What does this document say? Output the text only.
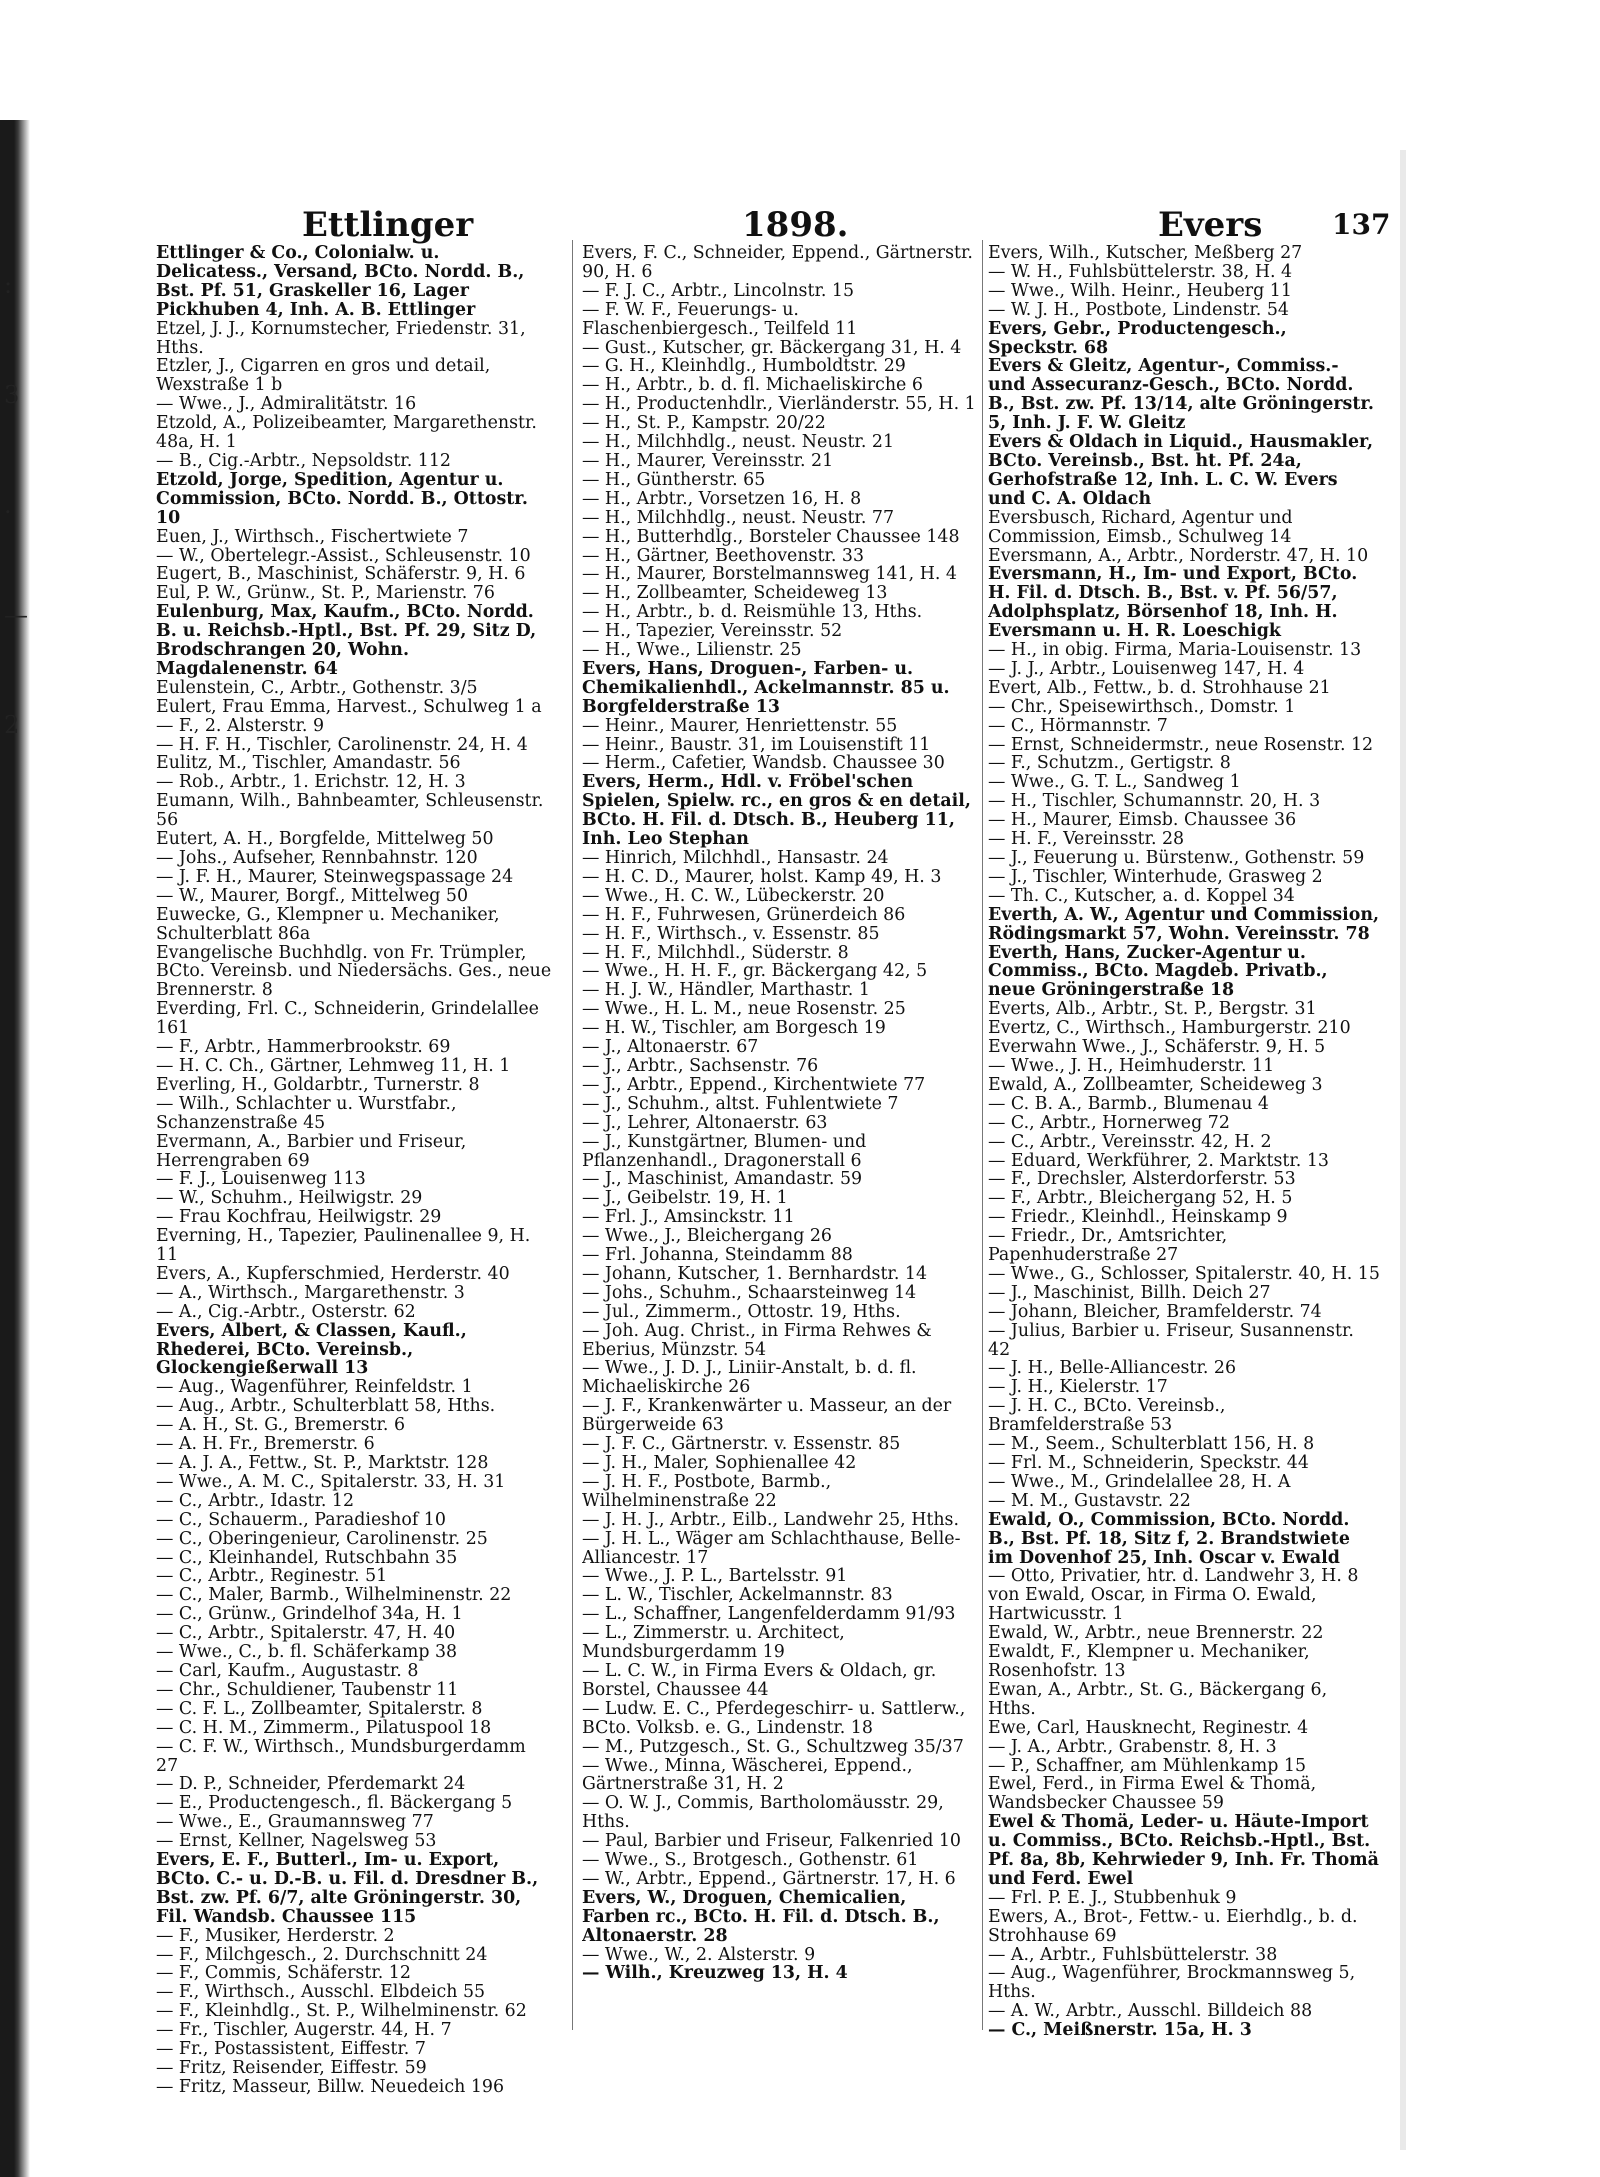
:
3
.
—
2
Ettlinger	1898.	Evers 137
Ettlinger & Co., Colonialw. u. Delicatess., Versand, BCto. Nordd. B., Bst. Pf. 51, Graskeller 16, Lager Pickhuben 4, Inh. A. B. Ettlinger
Etzel, J. J., Kornumstecher, Friedenstr. 31, Hths.
Etzler, J., Cigarren en gros und detail, Wexstraße 1 b
— Wwe., J., Admiralitätstr. 16
Etzold, A., Polizeibeamter, Margarethenstr. 48a, H. 1
— B., Cig.-Arbtr., Nepsoldstr. 112
Etzold, Jorge, Spedition, Agentur u. Commission, BCto. Nordd. B., Ottostr. 10
Euen, J., Wirthsch., Fischertwiete 7
— W., Obertelegr.-Assist., Schleusenstr. 10
Eugert, B., Maschinist, Schäferstr. 9, H. 6
Eul, P. W., Grünw., St. P., Marienstr. 76
Eulenburg, Max, Kaufm., BCto. Nordd. B. u. Reichsb.-Hptl., Bst. Pf. 29, Sitz D, Brodschrangen 20, Wohn. Magdalenenstr. 64
Eulenstein, C., Arbtr., Gothenstr. 3/5
Eulert, Frau Emma, Harvest., Schulweg 1 a
— F., 2. Alsterstr. 9
— H. F. H., Tischler, Carolinenstr. 24, H. 4
Eulitz, M., Tischler, Amandastr. 56
— Rob., Arbtr., 1. Erichstr. 12, H. 3
Eumann, Wilh., Bahnbeamter, Schleusenstr. 56
Eutert, A. H., Borgfelde, Mittelweg 50
— Johs., Aufseher, Rennbahnstr. 120
— J. F. H., Maurer, Steinwegspassage 24
— W., Maurer, Borgf., Mittelweg 50
Euwecke, G., Klempner u. Mechaniker, Schulterblatt 86a
Evangelische Buchhdlg. von Fr. Trümpler, BCto. Vereinsb. und Niedersächs. Ges., neue Brennerstr. 8
Everding, Frl. C., Schneiderin, Grindelallee 161
— F., Arbtr., Hammerbrookstr. 69
— H. C. Ch., Gärtner, Lehmweg 11, H. 1
Everling, H., Goldarbtr., Turnerstr. 8
— Wilh., Schlachter u. Wurstfabr., Schanzenstraße 45
Evermann, A., Barbier und Friseur, Herrengraben 69
— F. J., Louisenweg 113
— W., Schuhm., Heilwigstr. 29
— Frau Kochfrau, Heilwigstr. 29
Everning, H., Tapezier, Paulinenallee 9, H. 11
Evers, A., Kupferschmied, Herderstr. 40
— A., Wirthsch., Margarethenstr. 3
— A., Cig.-Arbtr., Osterstr. 62
Evers, Albert, & Classen, Kaufl., Rhederei, BCto. Vereinsb., Glockengießerwall 13
— Aug., Wagenführer, Reinfeldstr. 1
— Aug., Arbtr., Schulterblatt 58, Hths.
— A. H., St. G., Bremerstr. 6
— A. H. Fr., Bremerstr. 6
— A. J. A., Fettw., St. P., Marktstr. 128
— Wwe., A. M. C., Spitalerstr. 33, H. 31
— C., Arbtr., Idastr. 12
— C., Schauerm., Paradieshof 10
— C., Oberingenieur, Carolinenstr. 25
— C., Kleinhandel, Rutschbahn 35
— C., Arbtr., Reginestr. 51
— C., Maler, Barmb., Wilhelminenstr. 22
— C., Grünw., Grindelhof 34a, H. 1
— C., Arbtr., Spitalerstr. 47, H. 40
— Wwe., C., b. fl. Schäferkamp 38
— Carl, Kaufm., Augustastr. 8
— Chr., Schuldiener, Taubenstr 11
— C. F. L., Zollbeamter, Spitalerstr. 8
— C. H. M., Zimmerm., Pilatuspool 18
— C. F. W., Wirthsch., Mundsburgerdamm 27
— D. P., Schneider, Pferdemarkt 24
— E., Productengesch., fl. Bäckergang 5
— Wwe., E., Graumannsweg 77
— Ernst, Kellner, Nagelsweg 53
Evers, E. F., Butterl., Im- u. Export, BCto. C.- u. D.-B. u. Fil. d. Dresdner B., Bst. zw. Pf. 6/7, alte Gröningerstr. 30, Fil. Wandsb. Chaussee 115
— F., Musiker, Herderstr. 2
— F., Milchgesch., 2. Durchschnitt 24
— F., Commis, Schäferstr. 12
— F., Wirthsch., Ausschl. Elbdeich 55
— F., Kleinhdlg., St. P., Wilhelminenstr. 62
— Fr., Tischler, Augerstr. 44, H. 7
— Fr., Postassistent, Eiffestr. 7
— Fritz, Reisender, Eiffestr. 59
— Fritz, Masseur, Billw. Neuedeich 196
Evers, F. C., Schneider, Eppend., Gärtnerstr. 90, H. 6
— F. J. C., Arbtr., Lincolnstr. 15
— F. W. F., Feuerungs- u. Flaschenbiergesch., Teilfeld 11
— Gust., Kutscher, gr. Bäckergang 31, H. 4
— G. H., Kleinhdlg., Humboldtstr. 29
— H., Arbtr., b. d. fl. Michaeliskirche 6
— H., Productenhdlr., Vierländerstr. 55, H. 1
— H., St. P., Kampstr. 20/22
— H., Milchhdlg., neust. Neustr. 21
— H., Maurer, Vereinsstr. 21
— H., Güntherstr. 65
— H., Arbtr., Vorsetzen 16, H. 8
— H., Milchhdlg., neust. Neustr. 77
— H., Butterhdlg., Borsteler Chaussee 148
— H., Gärtner, Beethovenstr. 33
— H., Maurer, Borstelmannsweg 141, H. 4
— H., Zollbeamter, Scheideweg 13
— H., Arbtr., b. d. Reismühle 13, Hths.
— H., Tapezier, Vereinsstr. 52
— H., Wwe., Lilienstr. 25
Evers, Hans, Droguen-, Farben- u. Chemikalienhdl., Ackelmannstr. 85 u. Borgfelderstraße 13
— Heinr., Maurer, Henriettenstr. 55
— Heinr., Baustr. 31, im Louisenstift 11
— Herm., Cafetier, Wandsb. Chaussee 30
Evers, Herm., Hdl. v. Fröbel'schen Spielen, Spielw. rc., en gros & en detail, BCto. H. Fil. d. Dtsch. B., Heuberg 11, Inh. Leo Stephan
— Hinrich, Milchhdl., Hansastr. 24
— H. C. D., Maurer, holst. Kamp 49, H. 3
— Wwe., H. C. W., Lübeckerstr. 20
— H. F., Fuhrwesen, Grünerdeich 86
— H. F., Wirthsch., v. Essenstr. 85
— H. F., Milchhdl., Süderstr. 8
— Wwe., H. H. F., gr. Bäckergang 42, 5
— H. J. W., Händler, Marthastr. 1
— Wwe., H. L. M., neue Rosenstr. 25
— H. W., Tischler, am Borgesch 19
— J., Altonaerstr. 67
— J., Arbtr., Sachsenstr. 76
— J., Arbtr., Eppend., Kirchentwiete 77
— J., Schuhm., altst. Fuhlentwiete 7
— J., Lehrer, Altonaerstr. 63
— J., Kunstgärtner, Blumen- und Pflanzenhandl., Dragonerstall 6
— J., Maschinist, Amandastr. 59
— J., Geibelstr. 19, H. 1
— Frl. J., Amsinckstr. 11
— Wwe., J., Bleichergang 26
— Frl. Johanna, Steindamm 88
— Johann, Kutscher, 1. Bernhardstr. 14
— Johs., Schuhm., Schaarsteinweg 14
— Jul., Zimmerm., Ottostr. 19, Hths.
— Joh. Aug. Christ., in Firma Rehwes & Eberius, Münzstr. 54
— Wwe., J. D. J., Liniir-Anstalt, b. d. fl. Michaeliskirche 26
— J. F., Krankenwärter u. Masseur, an der Bürgerweide 63
— J. F. C., Gärtnerstr. v. Essenstr. 85
— J. H., Maler, Sophienallee 42
— J. H. F., Postbote, Barmb., Wilhelminenstraße 22
— J. H. J., Arbtr., Eilb., Landwehr 25, Hths.
— J. H. L., Wäger am Schlachthause, Belle-Alliancestr. 17
— Wwe., J. P. L., Bartelsstr. 91
— L. W., Tischler, Ackelmannstr. 83
— L., Schaffner, Langenfelderdamm 91/93
— L., Zimmerstr. u. Architect, Mundsburgerdamm 19
— L. C. W., in Firma Evers & Oldach, gr. Borstel, Chaussee 44
— Ludw. E. C., Pferdegeschirr- u. Sattlerw., BCto. Volksb. e. G., Lindenstr. 18
— M., Putzgesch., St. G., Schultzweg 35/37
— Wwe., Minna, Wäscherei, Eppend., Gärtnerstraße 31, H. 2
— O. W. J., Commis, Bartholomäusstr. 29, Hths.
— Paul, Barbier und Friseur, Falkenried 10
— Wwe., S., Brotgesch., Gothenstr. 61
— W., Arbtr., Eppend., Gärtnerstr. 17, H. 6
Evers, W., Droguen, Chemicalien, Farben rc., BCto. H. Fil. d. Dtsch. B., Altonaerstr. 28
— Wwe., W., 2. Alsterstr. 9
— Wilh., Kreuzweg 13, H. 4
Evers, Wilh., Kutscher, Meßberg 27
— W. H., Fuhlsbüttelerstr. 38, H. 4
— Wwe., Wilh. Heinr., Heuberg 11
— W. J. H., Postbote, Lindenstr. 54
Evers, Gebr., Productengesch., Speckstr. 68
Evers & Gleitz, Agentur-, Commiss.- und Assecuranz-Gesch., BCto. Nordd. B., Bst. zw. Pf. 13/14, alte Gröningerstr. 5, Inh. J. F. W. Gleitz
Evers & Oldach in Liquid., Hausmakler, BCto. Vereinsb., Bst. ht. Pf. 24a, Gerhofstraße 12, Inh. L. C. W. Evers und C. A. Oldach
Eversbusch, Richard, Agentur und Commission, Eimsb., Schulweg 14
Eversmann, A., Arbtr., Norderstr. 47, H. 10
Eversmann, H., Im- und Export, BCto. H. Fil. d. Dtsch. B., Bst. v. Pf. 56/57, Adolphsplatz, Börsenhof 18, Inh. H. Eversmann u. H. R. Loeschigk
— H., in obig. Firma, Maria-Louisenstr. 13
— J. J., Arbtr., Louisenweg 147, H. 4
Evert, Alb., Fettw., b. d. Strohhause 21
— Chr., Speisewirthsch., Domstr. 1
— C., Hörmannstr. 7
— Ernst, Schneidermstr., neue Rosenstr. 12
— F., Schutzm., Gertigstr. 8
— Wwe., G. T. L., Sandweg 1
— H., Tischler, Schumannstr. 20, H. 3
— H., Maurer, Eimsb. Chaussee 36
— H. F., Vereinsstr. 28
— J., Feuerung u. Bürstenw., Gothenstr. 59
— J., Tischler, Winterhude, Grasweg 2
— Th. C., Kutscher, a. d. Koppel 34
Everth, A. W., Agentur und Commission, Rödingsmarkt 57, Wohn. Vereinsstr. 78
Everth, Hans, Zucker-Agentur u. Commiss., BCto. Magdeb. Privatb., neue Gröningerstraße 18
Everts, Alb., Arbtr., St. P., Bergstr. 31
Evertz, C., Wirthsch., Hamburgerstr. 210
Everwahn Wwe., J., Schäferstr. 9, H. 5
— Wwe., J. H., Heimhuderstr. 11
Ewald, A., Zollbeamter, Scheideweg 3
— C. B. A., Barmb., Blumenau 4
— C., Arbtr., Hornerweg 72
— C., Arbtr., Vereinsstr. 42, H. 2
— Eduard, Werkführer, 2. Marktstr. 13
— F., Drechsler, Alsterdorferstr. 53
— F., Arbtr., Bleichergang 52, H. 5
— Friedr., Kleinhdl., Heinskamp 9
— Friedr., Dr., Amtsrichter, Papenhuderstraße 27
— Wwe., G., Schlosser, Spitalerstr. 40, H. 15
— J., Maschinist, Billh. Deich 27
— Johann, Bleicher, Bramfelderstr. 74
— Julius, Barbier u. Friseur, Susannenstr. 42
— J. H., Belle-Alliancestr. 26
— J. H., Kielerstr. 17
— J. H. C., BCto. Vereinsb., Bramfelderstraße 53
— M., Seem., Schulterblatt 156, H. 8
— Frl. M., Schneiderin, Speckstr. 44
— Wwe., M., Grindelallee 28, H. A
— M. M., Gustavstr. 22
Ewald, O., Commission, BCto. Nordd. B., Bst. Pf. 18, Sitz f, 2. Brandstwiete im Dovenhof 25, Inh. Oscar v. Ewald
— Otto, Privatier, htr. d. Landwehr 3, H. 8
von Ewald, Oscar, in Firma O. Ewald, Hartwicusstr. 1
Ewald, W., Arbtr., neue Brennerstr. 22
Ewaldt, F., Klempner u. Mechaniker, Rosenhofstr. 13
Ewan, A., Arbtr., St. G., Bäckergang 6, Hths.
Ewe, Carl, Hausknecht, Reginestr. 4
— J. A., Arbtr., Grabenstr. 8, H. 3
— P., Schaffner, am Mühlenkamp 15
Ewel, Ferd., in Firma Ewel & Thomä, Wandsbecker Chaussee 59
Ewel & Thomä, Leder- u. Häute-Import u. Commiss., BCto. Reichsb.-Hptl., Bst. Pf. 8a, 8b, Kehrwieder 9, Inh. Fr. Thomä und Ferd. Ewel
— Frl. P. E. J., Stubbenhuk 9
Ewers, A., Brot-, Fettw.- u. Eierhdlg., b. d. Strohhause 69
— A., Arbtr., Fuhlsbüttelerstr. 38
— Aug., Wagenführer, Brockmannsweg 5, Hths.
— A. W., Arbtr., Ausschl. Billdeich 88
— C., Meißnerstr. 15a, H. 3
